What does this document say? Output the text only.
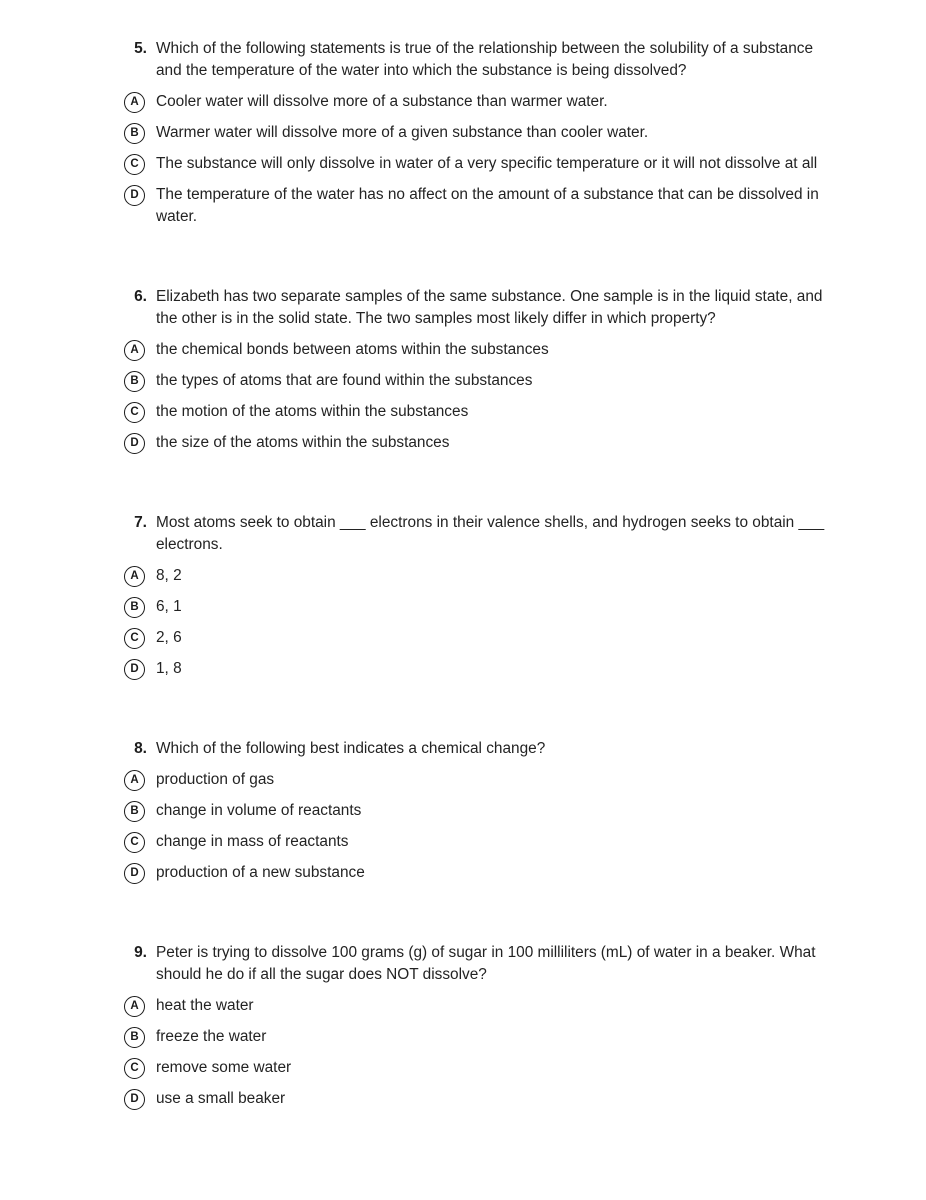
5. Which of the following statements is true of the relationship between the solubility of a substance and the temperature of the water into which the substance is being dissolved?
A	Cooler water will dissolve more of a substance than warmer water.
B	Warmer water will dissolve more of a given substance than cooler water.
C	The substance will only dissolve in water of a very specific temperature or it will not dissolve at all
D	The temperature of the water has no affect on the amount of a substance that can be dissolved in water.
6. Elizabeth has two separate samples of the same substance. One sample is in the liquid state, and the other is in the solid state. The two samples most likely differ in which property?
A	the chemical bonds between atoms within the substances
B	the types of atoms that are found within the substances
C	the motion of the atoms within the substances
D	the size of the atoms within the substances
7. Most atoms seek to obtain ___ electrons in their valence shells, and hydrogen seeks to obtain ___ electrons.
A	8, 2
B	6, 1
C	2, 6
D	1, 8
8. Which of the following best indicates a chemical change?
A	production of gas
B	change in volume of reactants
C	change in mass of reactants
D	production of a new substance
9. Peter is trying to dissolve 100 grams (g) of sugar in 100 milliliters (mL) of water in a beaker. What should he do if all the sugar does NOT dissolve?
A	heat the water
B	freeze the water
C	remove some water
D	use a small beaker
